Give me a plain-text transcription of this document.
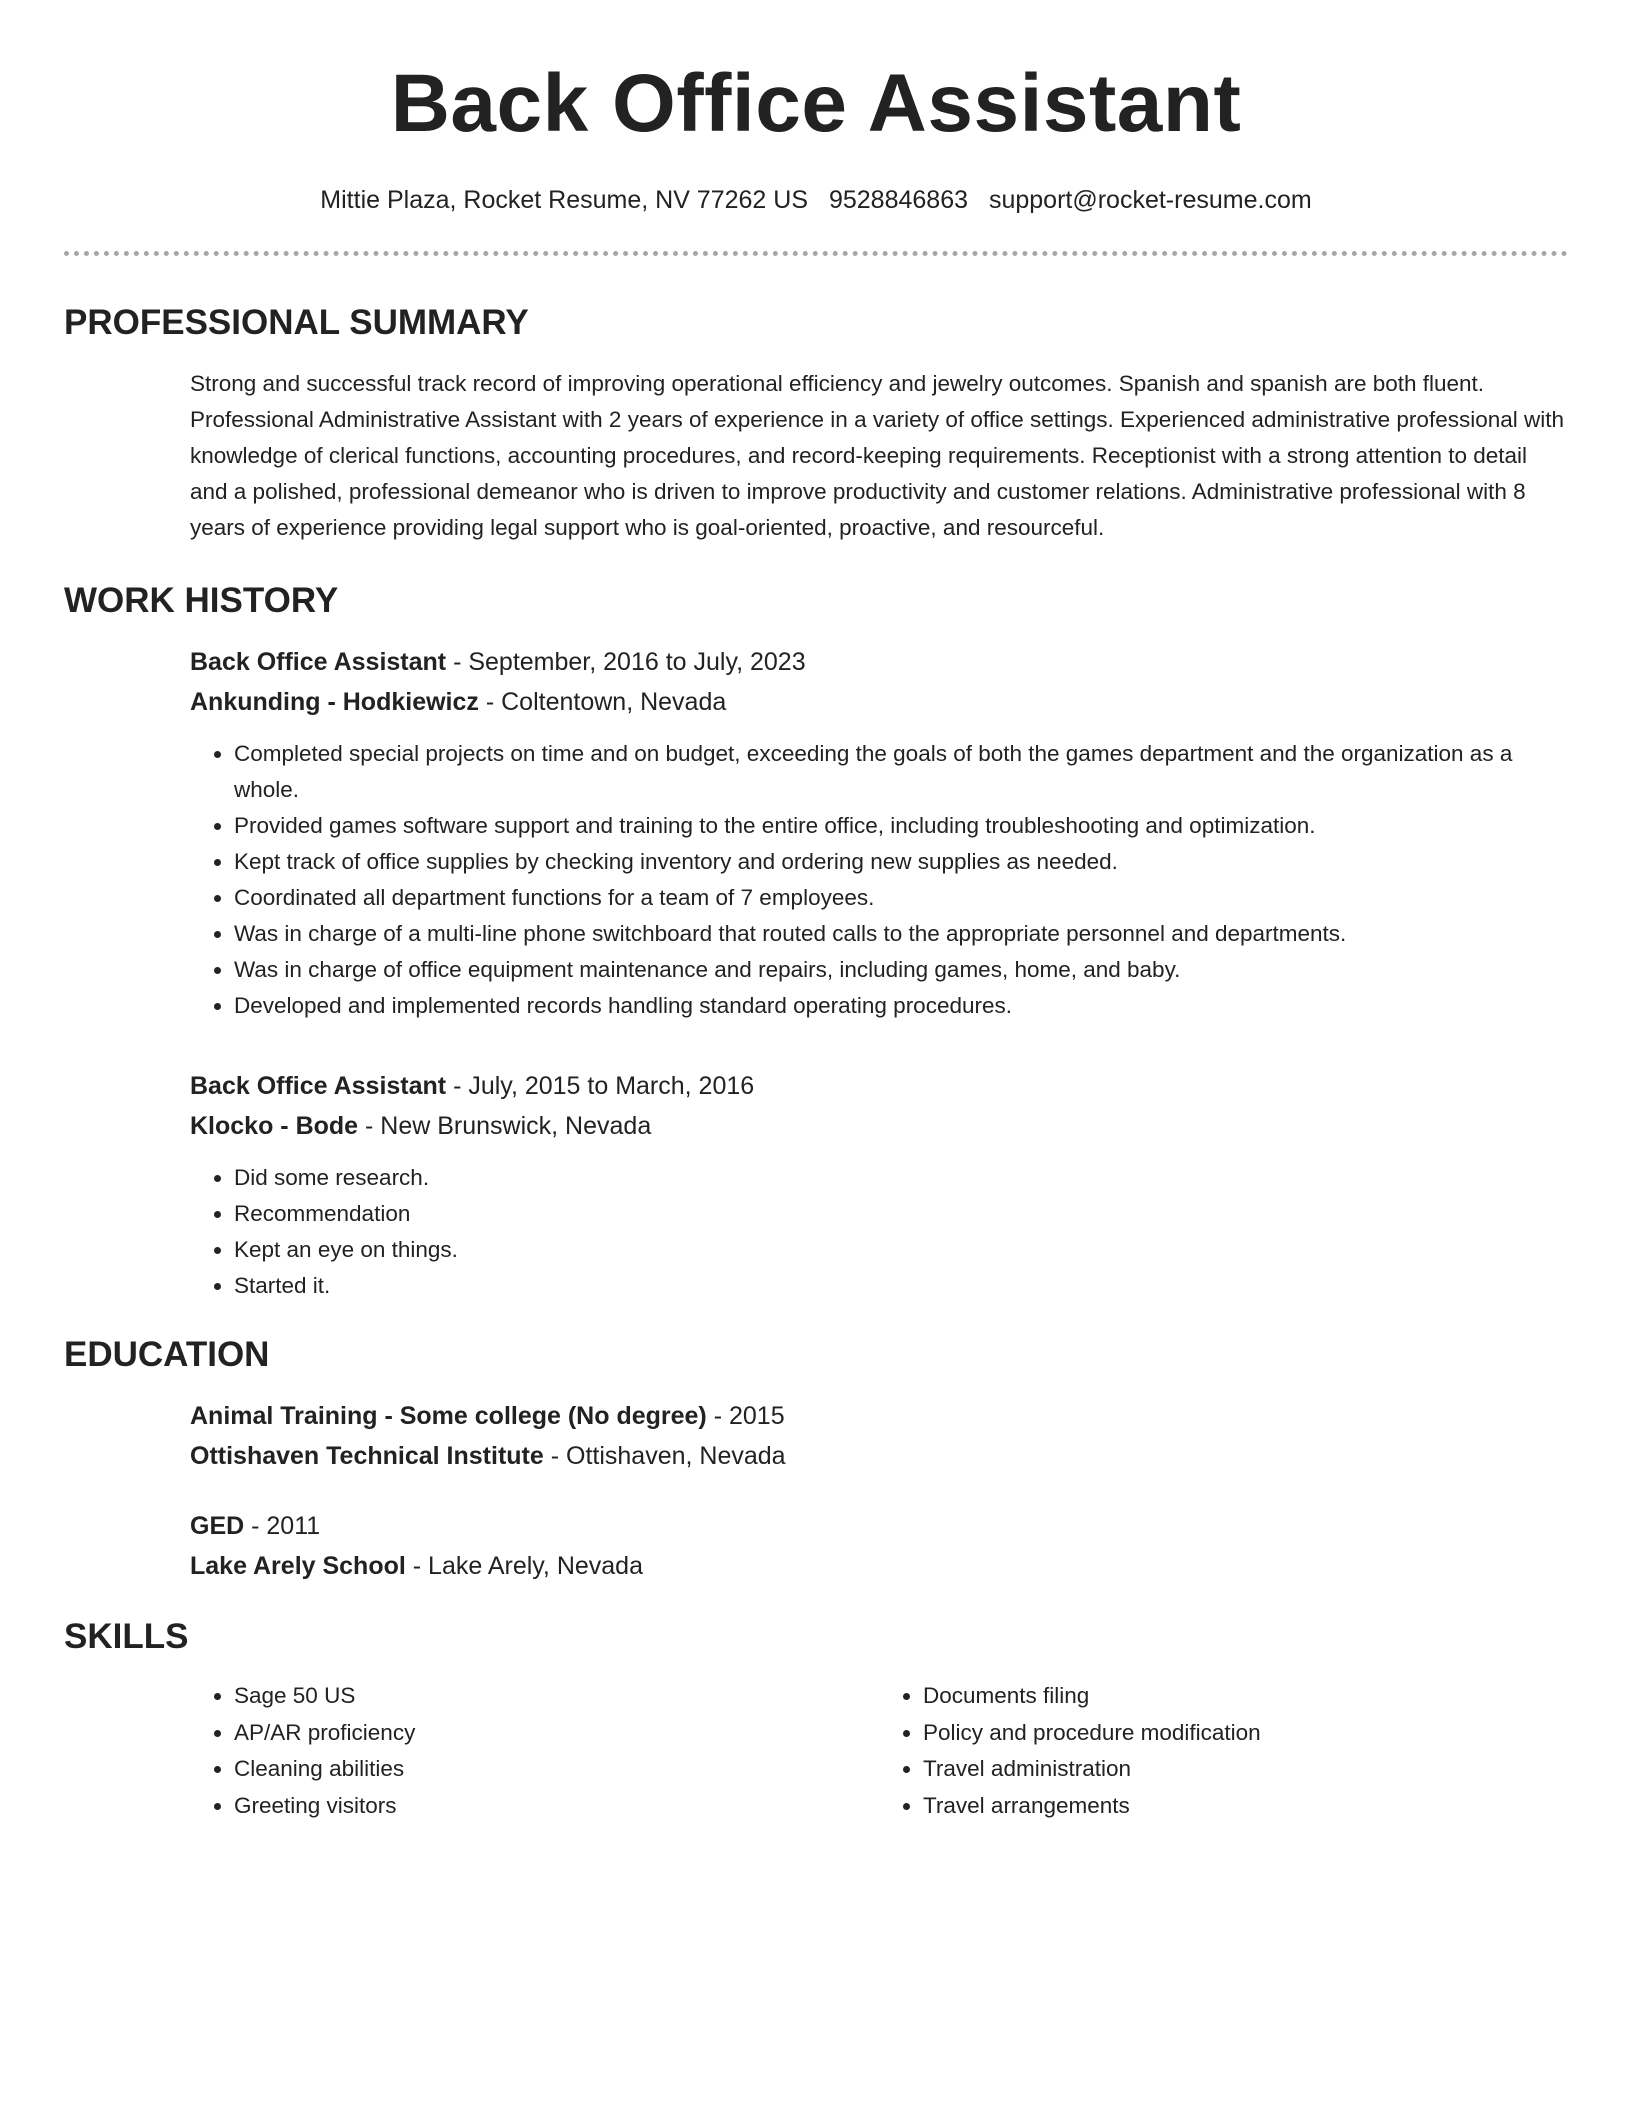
Back Office Assistant
Mittie Plaza, Rocket Resume, NV 77262 US 9528846863 support@rocket-resume.com
PROFESSIONAL SUMMARY

Strong and successful track record of improving operational efficiency and jewelry outcomes. Spanish and spanish are both fluent. Professional Administrative Assistant with 2 years of experience in a variety of office settings. Experienced administrative professional with knowledge of clerical functions, accounting procedures, and record-keeping requirements. Receptionist with a strong attention to detail and a polished, professional demeanor who is driven to improve productivity and customer relations. Administrative professional with 8 years of experience providing legal support who is goal-oriented, proactive, and resourceful.

WORK HISTORY
Back Office Assistant - September, 2016 to July, 2023
Ankunding - Hodkiewicz - Coltentown, Nevada
• Completed special projects on time and on budget, exceeding the goals of both the games department and the organization as a whole.
• Provided games software support and training to the entire office, including troubleshooting and optimization.
• Kept track of office supplies by checking inventory and ordering new supplies as needed.
• Coordinated all department functions for a team of 7 employees.
• Was in charge of a multi-line phone switchboard that routed calls to the appropriate personnel and departments.
• Was in charge of office equipment maintenance and repairs, including games, home, and baby.
• Developed and implemented records handling standard operating procedures.
Back Office Assistant - July, 2015 to March, 2016
Klocko - Bode - New Brunswick, Nevada
• Did some research.
• Recommendation
• Kept an eye on things.
• Started it.
EDUCATION
Animal Training - Some college (No degree) - 2015
Ottishaven Technical Institute - Ottishaven, Nevada
GED - 2011
Lake Arely School - Lake Arely, Nevada
SKILLS
• Sage 50 US
• AP/AR proficiency
• Cleaning abilities
• Greeting visitors
• Documents filing
• Policy and procedure modification
• Travel administration
• Travel arrangements
